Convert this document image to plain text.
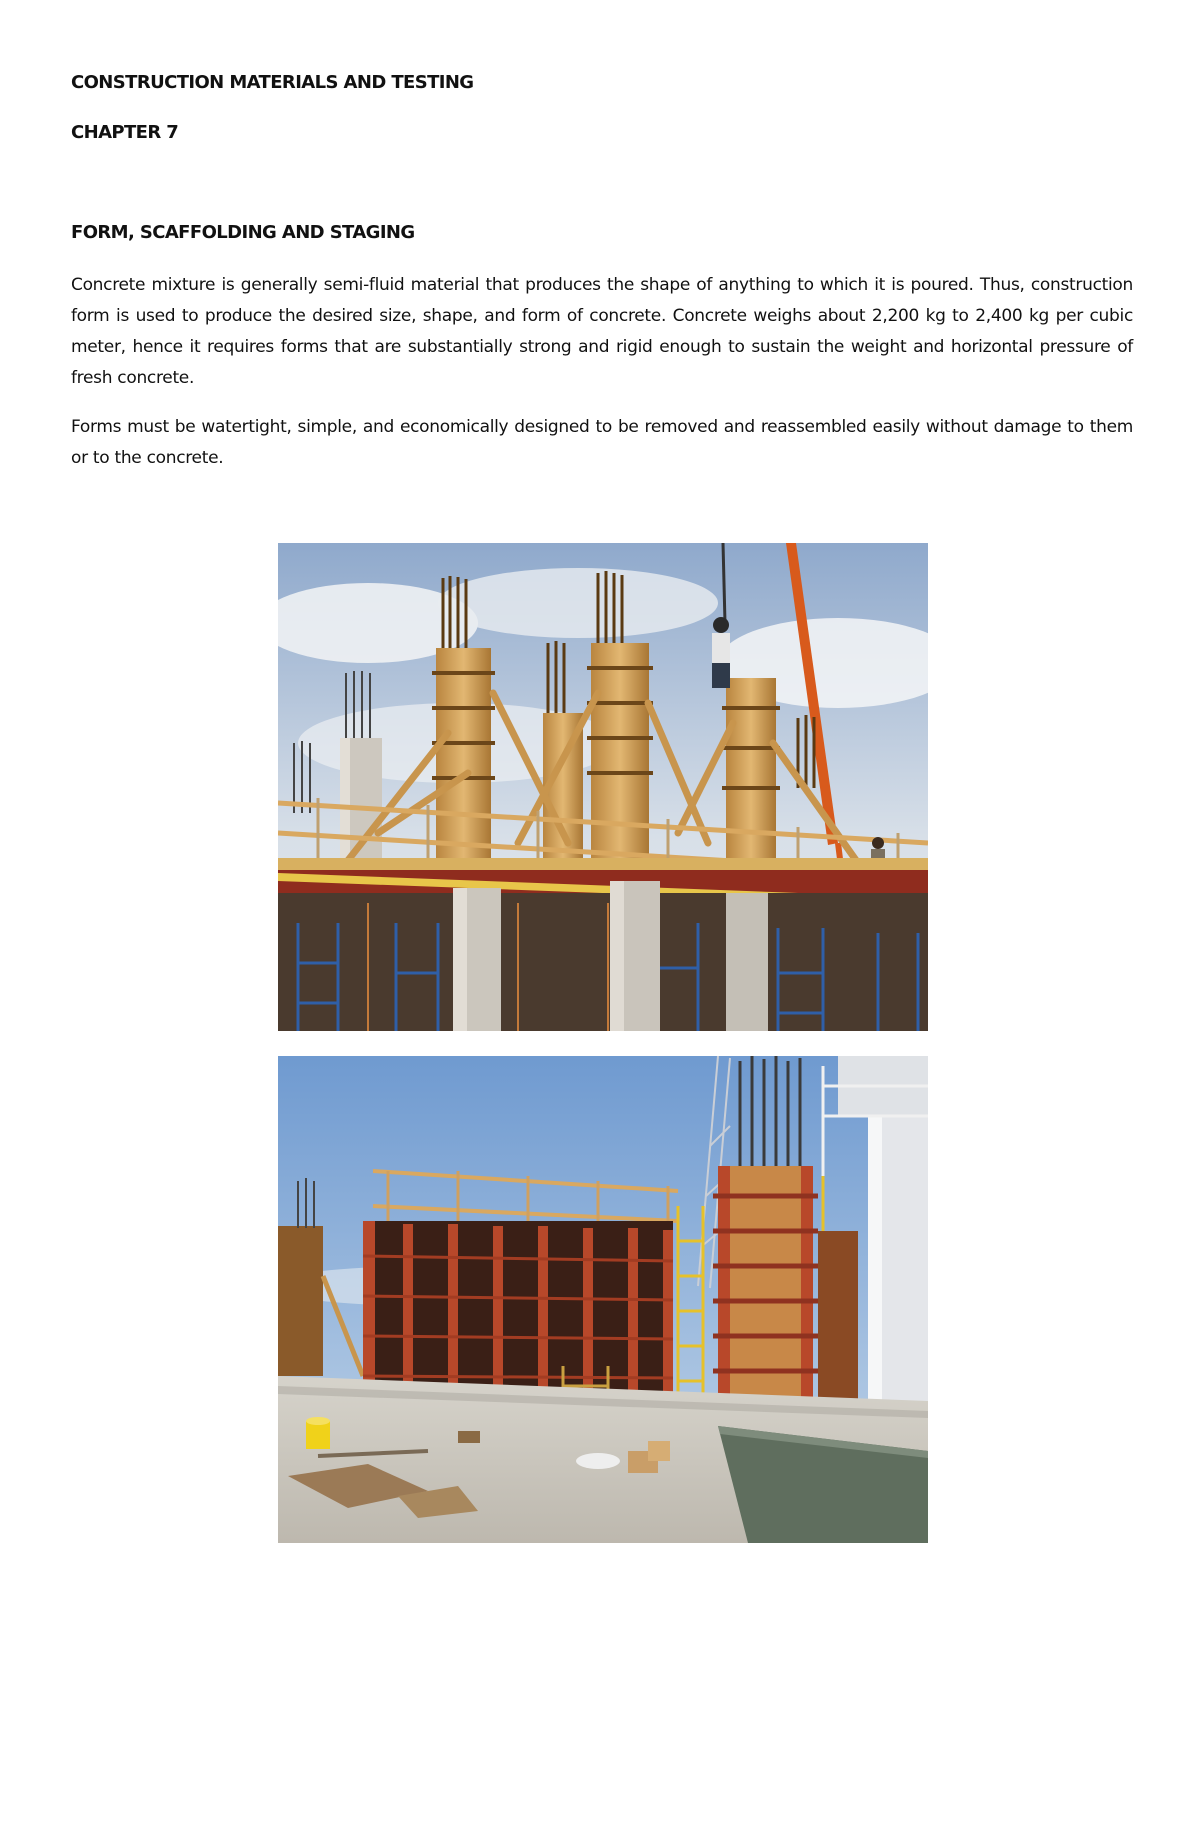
CONSTRUCTION MATERIALS AND TESTING
CHAPTER 7
FORM, SCAFFOLDING AND STAGING

Concrete mixture is generally semi-fluid material that produces the shape of anything to which it is poured. Thus, construction form is used to produce the desired size, shape, and form of concrete. Concrete weighs about 2,200 kg to 2,400 kg per cubic meter, hence it requires forms that are substantially strong and rigid enough to sustain the weight and horizontal pressure of fresh concrete.

Forms must be watertight, simple, and economically designed to be removed and reassembled easily without damage to them or to the concrete.
